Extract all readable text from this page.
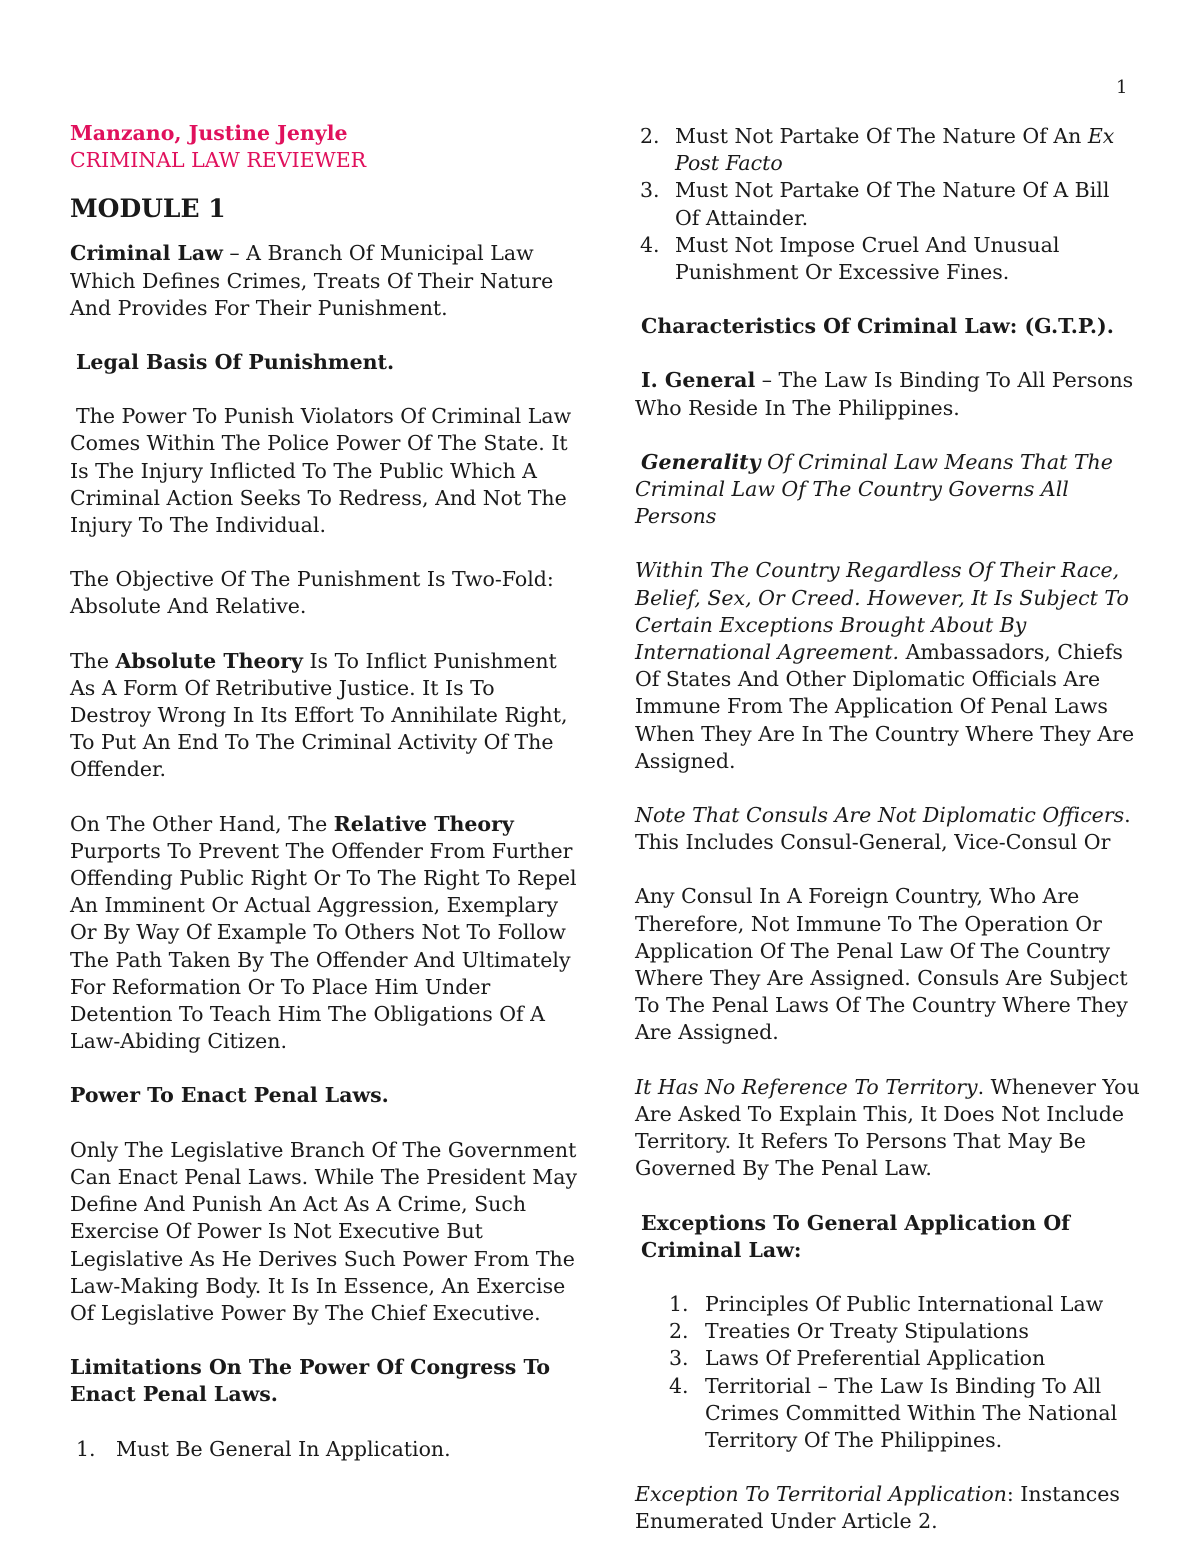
1

Manzano, Justine Jenyle

CRIMINAL LAW REVIEWER

MODULE 1

Criminal Law – A Branch Of Municipal Law Which Defines Crimes, Treats Of Their Nature And Provides For Their Punishment.

Legal Basis Of Punishment.

The Power To Punish Violators Of Criminal Law Comes Within The Police Power Of The State. It Is The Injury Inflicted To The Public Which A Criminal Action Seeks To Redress, And Not The Injury To The Individual.

The Objective Of The Punishment Is Two-Fold: Absolute And Relative.

The Absolute Theory Is To Inflict Punishment As A Form Of Retributive Justice. It Is To Destroy Wrong In Its Effort To Annihilate Right, To Put An End To The Criminal Activity Of The Offender.

On The Other Hand, The Relative Theory Purports To Prevent The Offender From Further Offending Public Right Or To The Right To Repel An Imminent Or Actual Aggression, Exemplary Or By Way Of Example To Others Not To Follow The Path Taken By The Offender And Ultimately For Reformation Or To Place Him Under Detention To Teach Him The Obligations Of A Law-Abiding Citizen.

Power To Enact Penal Laws.

Only The Legislative Branch Of The Government Can Enact Penal Laws. While The President May Define And Punish An Act As A Crime, Such Exercise Of Power Is Not Executive But Legislative As He Derives Such Power From The Law-Making Body. It Is In Essence, An Exercise Of Legislative Power By The Chief Executive.

Limitations On The Power Of Congress To Enact Penal Laws.

1. Must Be General In Application.
2. Must Not Partake Of The Nature Of An Ex Post Facto
3. Must Not Partake Of The Nature Of A Bill Of Attainder.
4. Must Not Impose Cruel And Unusual Punishment Or Excessive Fines.

Characteristics Of Criminal Law: (G.T.P.).

I. General – The Law Is Binding To All Persons Who Reside In The Philippines.

Generality Of Criminal Law Means That The Criminal Law Of The Country Governs All Persons

Within The Country Regardless Of Their Race, Belief, Sex, Or Creed. However, It Is Subject To Certain Exceptions Brought About By International Agreement. Ambassadors, Chiefs Of States And Other Diplomatic Officials Are Immune From The Application Of Penal Laws When They Are In The Country Where They Are Assigned.

Note That Consuls Are Not Diplomatic Officers. This Includes Consul-General, Vice-Consul Or

Any Consul In A Foreign Country, Who Are Therefore, Not Immune To The Operation Or Application Of The Penal Law Of The Country Where They Are Assigned. Consuls Are Subject To The Penal Laws Of The Country Where They Are Assigned.

It Has No Reference To Territory. Whenever You Are Asked To Explain This, It Does Not Include Territory. It Refers To Persons That May Be Governed By The Penal Law.

Exceptions To General Application Of Criminal Law:

1. Principles Of Public International Law
2. Treaties Or Treaty Stipulations
3. Laws Of Preferential Application
4. Territorial – The Law Is Binding To All Crimes Committed Within The National Territory Of The Philippines.

Exception To Territorial Application: Instances Enumerated Under Article 2.
